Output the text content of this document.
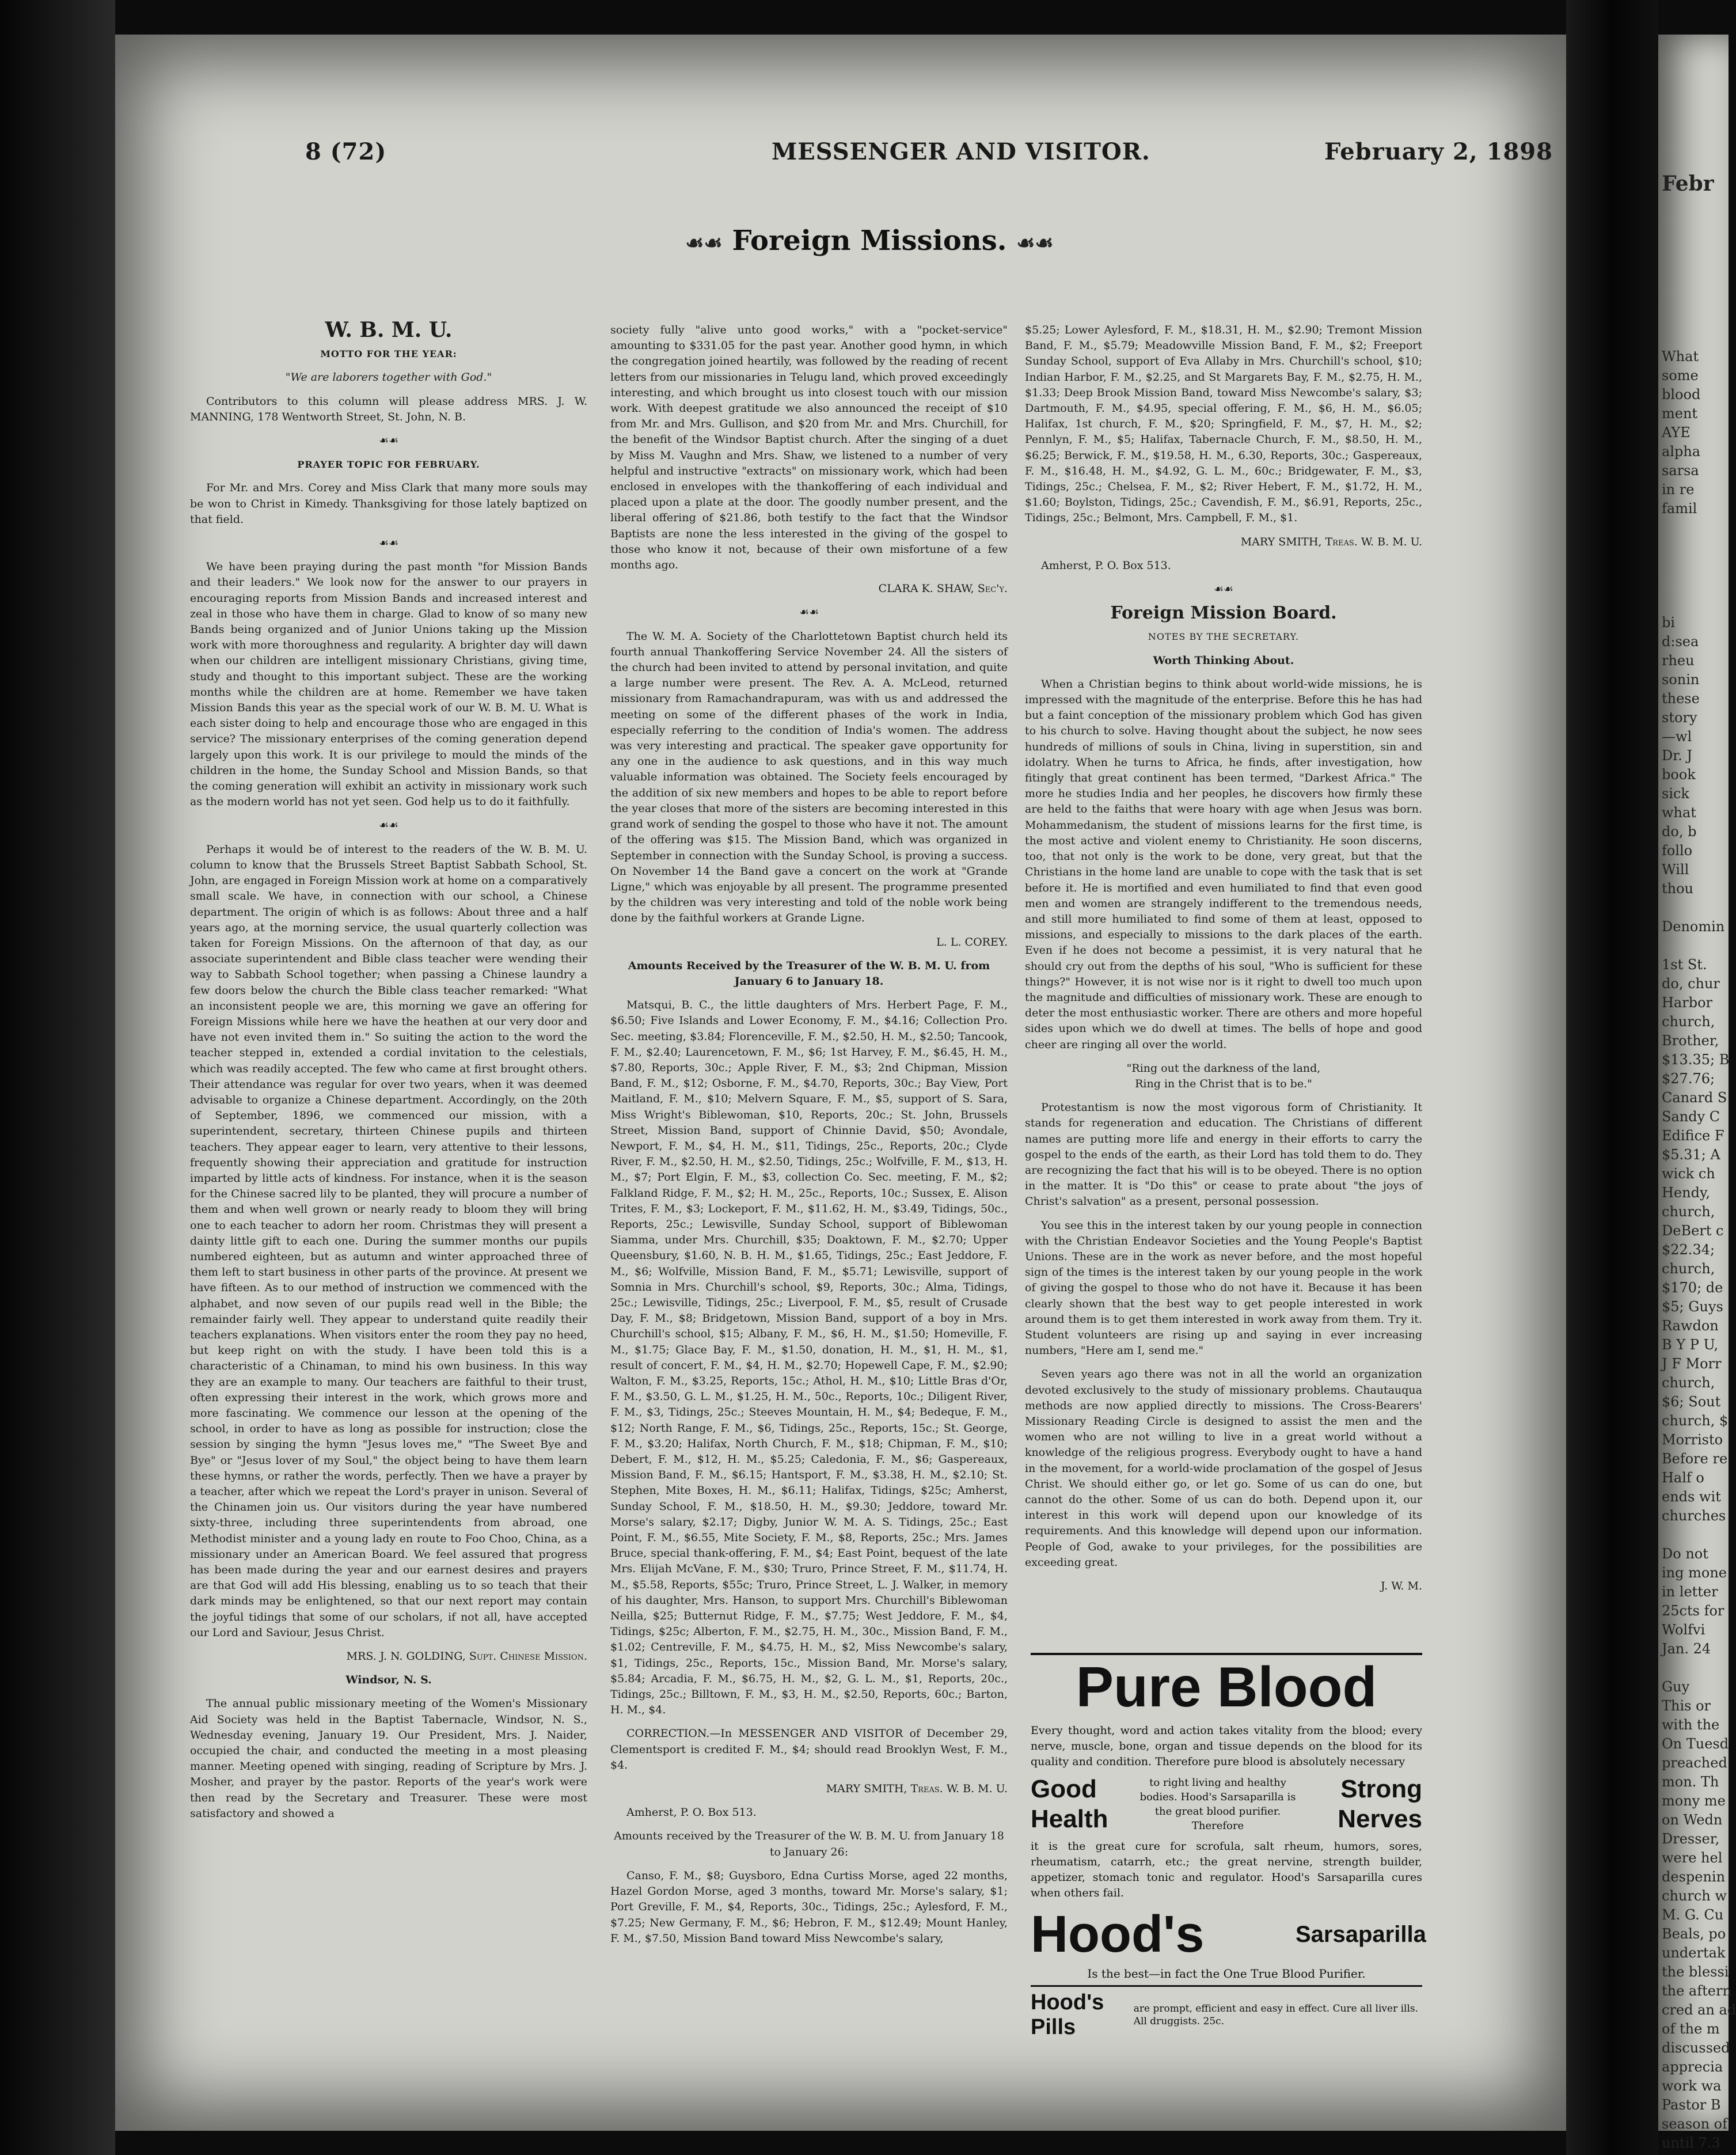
8 (72)	MESSENGER AND VISITOR.	February 2, 1898
☙☙ Foreign Missions. ☙☙

W. B. M. U.

MOTTO FOR THE YEAR:

"We are laborers together with God."

Contributors to this column will please address MRS. J. W. MANNING, 178 Wentworth Street, St. John, N. B.

☙☙

PRAYER TOPIC FOR FEBRUARY.

For Mr. and Mrs. Corey and Miss Clark that many more souls may be won to Christ in Kimedy. Thanksgiving for those lately baptized on that field.

☙☙

We have been praying during the past month "for Mission Bands and their leaders." We look now for the answer to our prayers in encouraging reports from Mission Bands and increased interest and zeal in those who have them in charge. Glad to know of so many new Bands being organized and of Junior Unions taking up the Mission work with more thoroughness and regularity. A brighter day will dawn when our children are intelligent missionary Christians, giving time, study and thought to this important subject. These are the working months while the children are at home. Remember we have taken Mission Bands this year as the special work of our W. B. M. U. What is each sister doing to help and encourage those who are engaged in this service? The missionary enterprises of the coming generation depend largely upon this work. It is our privilege to mould the minds of the children in the home, the Sunday School and Mission Bands, so that the coming generation will exhibit an activity in missionary work such as the modern world has not yet seen. God help us to do it faithfully.

☙☙

Perhaps it would be of interest to the readers of the W. B. M. U. column to know that the Brussels Street Baptist Sabbath School, St. John, are engaged in Foreign Mission work at home on a comparatively small scale. We have, in connection with our school, a Chinese department. The origin of which is as follows: About three and a half years ago, at the morning service, the usual quarterly collection was taken for Foreign Missions. On the afternoon of that day, as our associate superintendent and Bible class teacher were wending their way to Sabbath School together; when passing a Chinese laundry a few doors below the church the Bible class teacher remarked: "What an inconsistent people we are, this morning we gave an offering for Foreign Missions while here we have the heathen at our very door and have not even invited them in." So suiting the action to the word the teacher stepped in, extended a cordial invitation to the celestials, which was readily accepted. The few who came at first brought others. Their attendance was regular for over two years, when it was deemed advisable to organize a Chinese department. Accordingly, on the 20th of September, 1896, we commenced our mission, with a superintendent, secretary, thirteen Chinese pupils and thirteen teachers. They appear eager to learn, very attentive to their lessons, frequently showing their appreciation and gratitude for instruction imparted by little acts of kindness. For instance, when it is the season for the Chinese sacred lily to be planted, they will procure a number of them and when well grown or nearly ready to bloom they will bring one to each teacher to adorn her room. Christmas they will present a dainty little gift to each one. During the summer months our pupils numbered eighteen, but as autumn and winter approached three of them left to start business in other parts of the province. At present we have fifteen. As to our method of instruction we commenced with the alphabet, and now seven of our pupils read well in the Bible; the remainder fairly well. They appear to understand quite readily their teachers explanations. When visitors enter the room they pay no heed, but keep right on with the study. I have been told this is a characteristic of a Chinaman, to mind his own business. In this way they are an example to many. Our teachers are faithful to their trust, often expressing their interest in the work, which grows more and more fascinating. We commence our lesson at the opening of the school, in order to have as long as possible for instruction; close the session by singing the hymn "Jesus loves me," "The Sweet Bye and Bye" or "Jesus lover of my Soul," the object being to have them learn these hymns, or rather the words, perfectly. Then we have a prayer by a teacher, after which we repeat the Lord's prayer in unison. Several of the Chinamen join us. Our visitors during the year have numbered sixty-three, including three superintendents from abroad, one Methodist minister and a young lady en route to Foo Choo, China, as a missionary under an American Board. We feel assured that progress has been made during the year and our earnest desires and prayers are that God will add His blessing, enabling us to so teach that their dark minds may be enlightened, so that our next report may contain the joyful tidings that some of our scholars, if not all, have accepted our Lord and Saviour, Jesus Christ.

MRS. J. N. GOLDING, Supt. Chinese Mission.

Windsor, N. S.

The annual public missionary meeting of the Women's Missionary Aid Society was held in the Baptist Tabernacle, Windsor, N. S., Wednesday evening, January 19. Our President, Mrs. J. Naider, occupied the chair, and conducted the meeting in a most pleasing manner. Meeting opened with singing, reading of Scripture by Mrs. J. Mosher, and prayer by the pastor. Reports of the year's work were then read by the Secretary and Treasurer. These were most satisfactory and showed a

society fully "alive unto good works," with a "pocket-service" amounting to $331.05 for the past year. Another good hymn, in which the congregation joined heartily, was followed by the reading of recent letters from our missionaries in Telugu land, which proved exceedingly interesting, and which brought us into closest touch with our mission work. With deepest gratitude we also announced the receipt of $10 from Mr. and Mrs. Gullison, and $20 from Mr. and Mrs. Churchill, for the benefit of the Windsor Baptist church. After the singing of a duet by Miss M. Vaughn and Mrs. Shaw, we listened to a number of very helpful and instructive "extracts" on missionary work, which had been enclosed in envelopes with the thankoffering of each individual and placed upon a plate at the door. The goodly number present, and the liberal offering of $21.86, both testify to the fact that the Windsor Baptists are none the less interested in the giving of the gospel to those who know it not, because of their own misfortune of a few months ago.

CLARA K. SHAW, Sec'y.

☙☙

The W. M. A. Society of the Charlottetown Baptist church held its fourth annual Thankoffering Service November 24. All the sisters of the church had been invited to attend by personal invitation, and quite a large number were present. The Rev. A. A. McLeod, returned missionary from Ramachandrapuram, was with us and addressed the meeting on some of the different phases of the work in India, especially referring to the condition of India's women. The address was very interesting and practical. The speaker gave opportunity for any one in the audience to ask questions, and in this way much valuable information was obtained. The Society feels encouraged by the addition of six new members and hopes to be able to report before the year closes that more of the sisters are becoming interested in this grand work of sending the gospel to those who have it not. The amount of the offering was $15. The Mission Band, which was organized in September in connection with the Sunday School, is proving a success. On November 14 the Band gave a concert on the work at "Grande Ligne," which was enjoyable by all present. The programme presented by the children was very interesting and told of the noble work being done by the faithful workers at Grande Ligne.

L. L. COREY.

Amounts Received by the Treasurer of the W. B. M. U. from January 6 to January 18.

Matsqui, B. C., the little daughters of Mrs. Herbert Page, F. M., $6.50; Five Islands and Lower Economy, F. M., $4.16; Collection Pro. Sec. meeting, $3.84; Florenceville, F. M., $2.50, H. M., $2.50; Tancook, F. M., $2.40; Laurencetown, F. M., $6; 1st Harvey, F. M., $6.45, H. M., $7.80, Reports, 30c.; Apple River, F. M., $3; 2nd Chipman, Mission Band, F. M., $12; Osborne, F. M., $4.70, Reports, 30c.; Bay View, Port Maitland, F. M., $10; Melvern Square, F. M., $5, support of S. Sara, Miss Wright's Biblewoman, $10, Reports, 20c.; St. John, Brussels Street, Mission Band, support of Chinnie David, $50; Avondale, Newport, F. M., $4, H. M., $11, Tidings, 25c., Reports, 20c.; Clyde River, F. M., $2.50, H. M., $2.50, Tidings, 25c.; Wolfville, F. M., $13, H. M., $7; Port Elgin, F. M., $3, collection Co. Sec. meeting, F. M., $2; Falkland Ridge, F. M., $2; H. M., 25c., Reports, 10c.; Sussex, E. Alison Trites, F. M., $3; Lockeport, F. M., $11.62, H. M., $3.49, Tidings, 50c., Reports, 25c.; Lewisville, Sunday School, support of Biblewoman Siamma, under Mrs. Churchill, $35; Doaktown, F. M., $2.70; Upper Queensbury, $1.60, N. B. H. M., $1.65, Tidings, 25c.; East Jeddore, F. M., $6; Wolfville, Mission Band, F. M., $5.71; Lewisville, support of Somnia in Mrs. Churchill's school, $9, Reports, 30c.; Alma, Tidings, 25c.; Lewisville, Tidings, 25c.; Liverpool, F. M., $5, result of Crusade Day, F. M., $8; Bridgetown, Mission Band, support of a boy in Mrs. Churchill's school, $15; Albany, F. M., $6, H. M., $1.50; Homeville, F. M., $1.75; Glace Bay, F. M., $1.50, donation, H. M., $1, H. M., $1, result of concert, F. M., $4, H. M., $2.70; Hopewell Cape, F. M., $2.90; Walton, F. M., $3.25, Reports, 15c.; Athol, H. M., $10; Little Bras d'Or, F. M., $3.50, G. L. M., $1.25, H. M., 50c., Reports, 10c.; Diligent River, F. M., $3, Tidings, 25c.; Steeves Mountain, H. M., $4; Bedeque, F. M., $12; North Range, F. M., $6, Tidings, 25c., Reports, 15c.; St. George, F. M., $3.20; Halifax, North Church, F. M., $18; Chipman, F. M., $10; Debert, F. M., $12, H. M., $5.25; Caledonia, F. M., $6; Gaspereaux, Mission Band, F. M., $6.15; Hantsport, F. M., $3.38, H. M., $2.10; St. Stephen, Mite Boxes, H. M., $6.11; Halifax, Tidings, $25c; Amherst, Sunday School, F. M., $18.50, H. M., $9.30; Jeddore, toward Mr. Morse's salary, $2.17; Digby, Junior W. M. A. S. Tidings, 25c.; East Point, F. M., $6.55, Mite Society, F. M., $8, Reports, 25c.; Mrs. James Bruce, special thank-offering, F. M., $4; East Point, bequest of the late Mrs. Elijah McVane, F. M., $30; Truro, Prince Street, F. M., $11.74, H. M., $5.58, Reports, $55c; Truro, Prince Street, L. J. Walker, in memory of his daughter, Mrs. Hanson, to support Mrs. Churchill's Biblewoman Neilla, $25; Butternut Ridge, F. M., $7.75; West Jeddore, F. M., $4, Tidings, $25c; Alberton, F. M., $2.75, H. M., 30c., Mission Band, F. M., $1.02; Centreville, F. M., $4.75, H. M., $2, Miss Newcombe's salary, $1, Tidings, 25c., Reports, 15c., Mission Band, Mr. Morse's salary, $5.84; Arcadia, F. M., $6.75, H. M., $2, G. L. M., $1, Reports, 20c., Tidings, 25c.; Billtown, F. M., $3, H. M., $2.50, Reports, 60c.; Barton, H. M., $4.

CORRECTION.—In MESSENGER AND VISITOR of December 29, Clementsport is credited F. M., $4; should read Brooklyn West, F. M., $4.

MARY SMITH, Treas. W. B. M. U.

Amherst, P. O. Box 513.

Amounts received by the Treasurer of the W. B. M. U. from January 18 to January 26:

Canso, F. M., $8; Guysboro, Edna Curtiss Morse, aged 22 months, Hazel Gordon Morse, aged 3 months, toward Mr. Morse's salary, $1; Port Greville, F. M., $4, Reports, 30c., Tidings, 25c.; Aylesford, F. M., $7.25; New Germany, F. M., $6; Hebron, F. M., $12.49; Mount Hanley, F. M., $7.50, Mission Band toward Miss Newcombe's salary,

$5.25; Lower Aylesford, F. M., $18.31, H. M., $2.90; Tremont Mission Band, F. M., $5.79; Meadowville Mission Band, F. M., $2; Freeport Sunday School, support of Eva Allaby in Mrs. Churchill's school, $10; Indian Harbor, F. M., $2.25, and St Margarets Bay, F. M., $2.75, H. M., $1.33; Deep Brook Mission Band, toward Miss Newcombe's salary, $3; Dartmouth, F. M., $4.95, special offering, F. M., $6, H. M., $6.05; Halifax, 1st church, F. M., $20; Springfield, F. M., $7, H. M., $2; Pennlyn, F. M., $5; Halifax, Tabernacle Church, F. M., $8.50, H. M., $6.25; Berwick, F. M., $19.58, H. M., 6.30, Reports, 30c.; Gaspereaux, F. M., $16.48, H. M., $4.92, G. L. M., 60c.; Bridgewater, F. M., $3, Tidings, 25c.; Chelsea, F. M., $2; River Hebert, F. M., $1.72, H. M., $1.60; Boylston, Tidings, 25c.; Cavendish, F. M., $6.91, Reports, 25c., Tidings, 25c.; Belmont, Mrs. Campbell, F. M., $1.

MARY SMITH, Treas. W. B. M. U.

Amherst, P. O. Box 513.

☙☙

Foreign Mission Board.

NOTES BY THE SECRETARY.

Worth Thinking About.

When a Christian begins to think about world-wide missions, he is impressed with the magnitude of the enterprise. Before this he has had but a faint conception of the missionary problem which God has given to his church to solve. Having thought about the subject, he now sees hundreds of millions of souls in China, living in superstition, sin and idolatry. When he turns to Africa, he finds, after investigation, how fitingly that great continent has been termed, "Darkest Africa." The more he studies India and her peoples, he discovers how firmly these are held to the faiths that were hoary with age when Jesus was born. Mohammedanism, the student of missions learns for the first time, is the most active and violent enemy to Christianity. He soon discerns, too, that not only is the work to be done, very great, but that the Christians in the home land are unable to cope with the task that is set before it. He is mortified and even humiliated to find that even good men and women are strangely indifferent to the tremendous needs, and still more humiliated to find some of them at least, opposed to missions, and especially to missions to the dark places of the earth. Even if he does not become a pessimist, it is very natural that he should cry out from the depths of his soul, "Who is sufficient for these things?" However, it is not wise nor is it right to dwell too much upon the magnitude and difficulties of missionary work. These are enough to deter the most enthusiastic worker. There are others and more hopeful sides upon which we do dwell at times. The bells of hope and good cheer are ringing all over the world.

"Ring out the darkness of the land,

Ring in the Christ that is to be."

Protestantism is now the most vigorous form of Christianity. It stands for regeneration and education. The Christians of different names are putting more life and energy in their efforts to carry the gospel to the ends of the earth, as their Lord has told them to do. They are recognizing the fact that his will is to be obeyed. There is no option in the matter. It is "Do this" or cease to prate about "the joys of Christ's salvation" as a present, personal possession.

You see this in the interest taken by our young people in connection with the Christian Endeavor Societies and the Young People's Baptist Unions. These are in the work as never before, and the most hopeful sign of the times is the interest taken by our young people in the work of giving the gospel to those who do not have it. Because it has been clearly shown that the best way to get people interested in work around them is to get them interested in work away from them. Try it. Student volunteers are rising up and saying in ever increasing numbers, "Here am I, send me."

Seven years ago there was not in all the world an organization devoted exclusively to the study of missionary problems. Chautauqua methods are now applied directly to missions. The Cross-Bearers' Missionary Reading Circle is designed to assist the men and the women who are not willing to live in a great world without a knowledge of the religious progress. Everybody ought to have a hand in the movement, for a world-wide proclamation of the gospel of Jesus Christ. We should either go, or let go. Some of us can do one, but cannot do the other. Some of us can do both. Depend upon it, our interest in this work will depend upon our knowledge of its requirements. And this knowledge will depend upon our information. People of God, awake to your privileges, for the possibilities are exceeding great.

J. W. M.

Pure Blood
Every thought, word and action takes vitality from the blood; every nerve, muscle, bone, organ and tissue depends on the blood for its quality and condition. Therefore pure blood is absolutely necessary
Good Health
to right living and healthy bodies. Hood's Sarsaparilla is the great blood purifier. Therefore
Strong Nerves
it is the great cure for scrofula, salt rheum, humors, sores, rheumatism, catarrh, etc.; the great nervine, strength builder, appetizer, stomach tonic and regulator. Hood's Sarsaparilla cures when others fail.
Hood's	Sarsaparilla
Is the best—in fact the One True Blood Purifier.
Hood's Pills
are prompt, efficient and easy in effect. Cure all liver ills. All druggists. 25c.
Febr
What
some
blood
ment
AYE
alpha
sarsa
in re
famil
bi
d:sea
rheu
sonin
these
story
—wl
Dr. J
book
sick
what
do, b
follo
Will
thou
Denomin
1st St.
do, chur
Harbor
church,
Brother,
$13.35; B
$27.76;
Canard S
Sandy C
Edifice F
$5.31; A
wick ch
Hendy,
church,
DeBert c
$22.34;
church,
$170; de
$5; Guys
Rawdon
B Y P U,
J F Morr
church,
$6; Sout
church, $
Morristo
Before re
Half o
ends wit
churches
Do not
ing mone
in letter
25cts for
Wolfvi
Jan. 24
Guy
This or
with the
On Tuesd
preached
mon. Th
mony me
on Wedn
Dresser,
were hel
despenin
church w
M. G. Cu
Beals, po
undertak
the blessi
the aftern
cred an ad
of the m
discussed
apprecia
work wa
Pastor B
season of
until 7.3
